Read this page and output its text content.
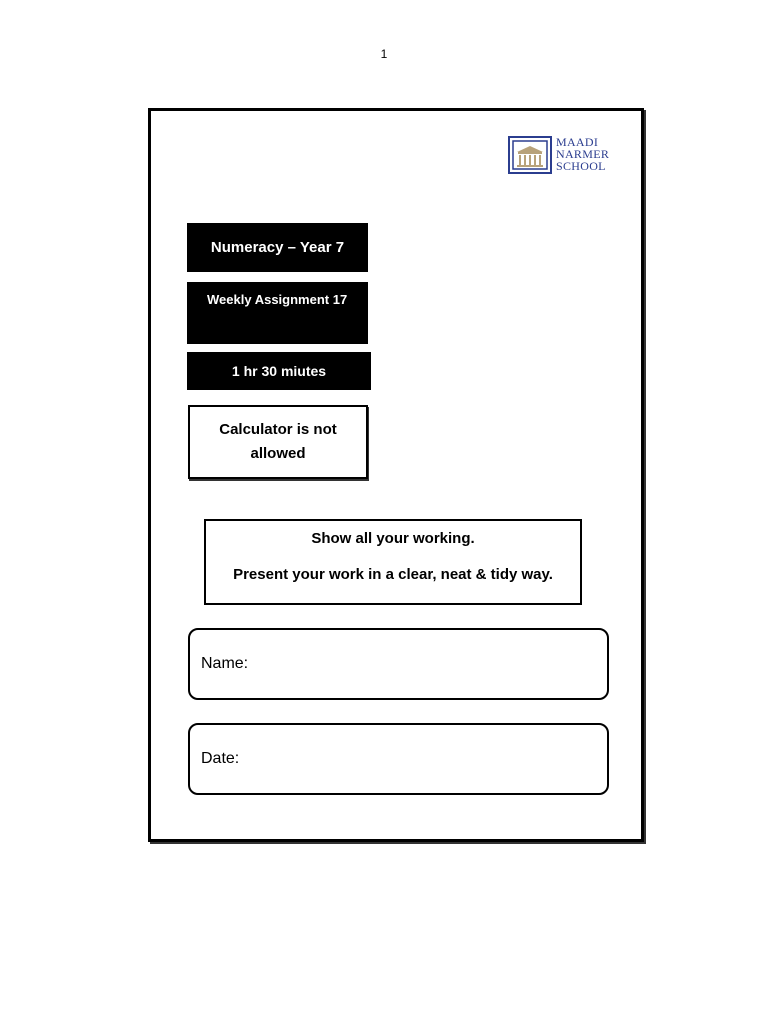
1
MAADI
NARMER
SCHOOL
Numeracy – Year 7
Weekly Assignment 17
1 hr 30 miutes
Calculator is not allowed
Show all your working.
Present your work in a clear, neat & tidy way.
Name:
Date:
